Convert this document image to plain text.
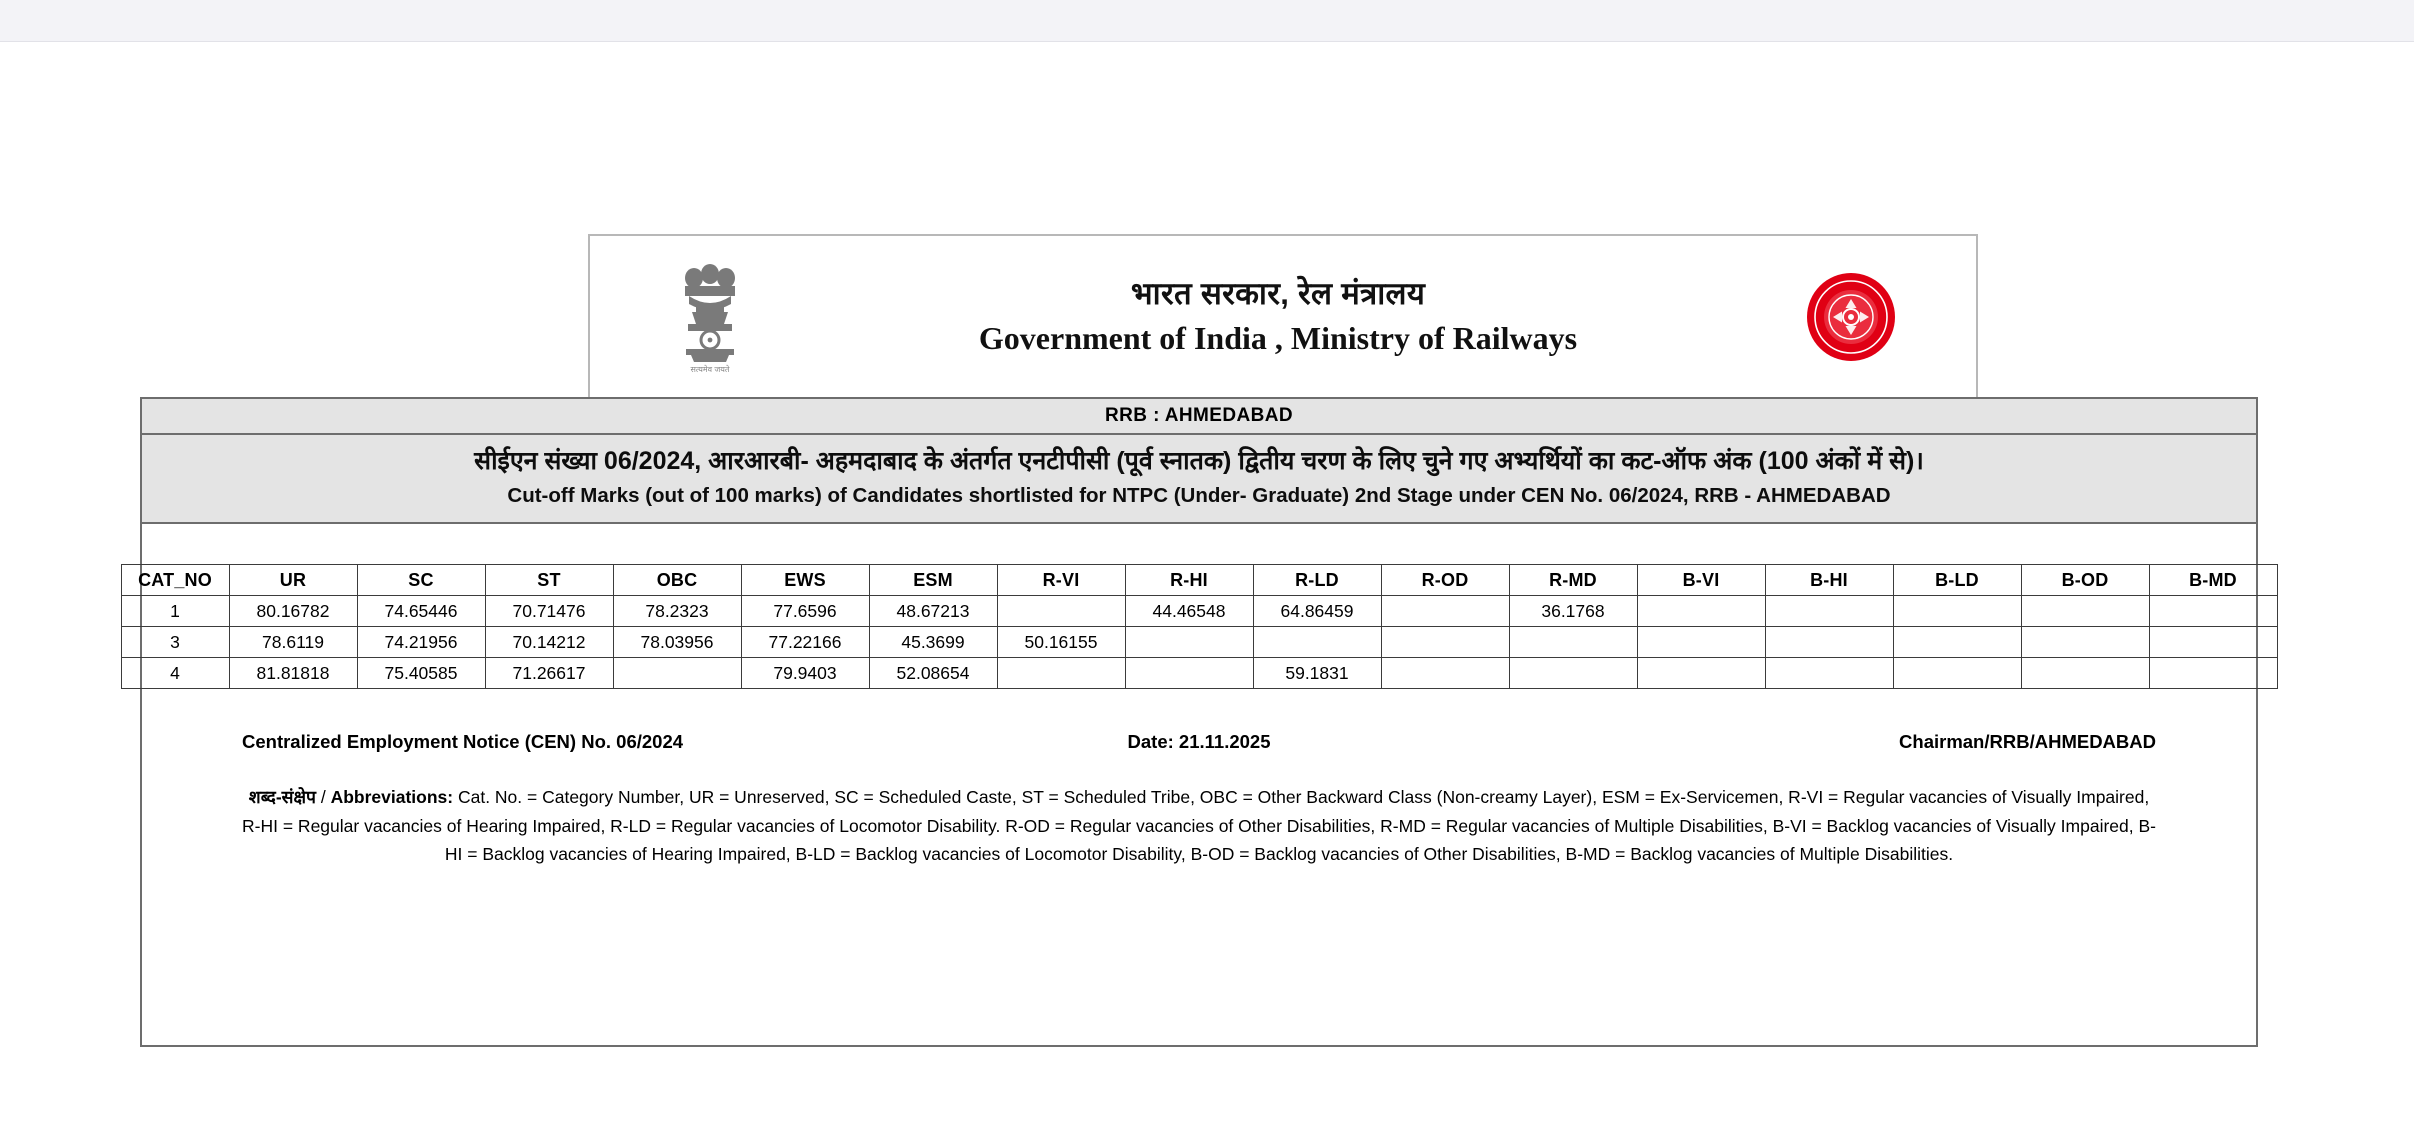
सत्यमेव जयते
भारत सरकार, रेल मंत्रालय
Government of India , Ministry of Railways
RRB : AHMEDABAD
सीईएन संख्या 06/2024, आरआरबी- अहमदाबाद के अंतर्गत एनटीपीसी (पूर्व स्नातक) द्वितीय चरण के लिए चुने गए अभ्यर्थियों का कट-ऑफ अंक (100 अंकों में से)।
Cut-off Marks (out of 100 marks) of Candidates shortlisted for NTPC (Under- Graduate) 2nd Stage under CEN No. 06/2024, RRB - AHMEDABAD
CAT_NO	UR	SC	ST	OBC	EWS	ESM	R-VI	R-HI	R-LD	R-OD	R-MD	B-VI	B-HI	B-LD	B-OD	B-MD
1	80.16782	74.65446	70.71476	78.2323	77.6596	48.67213		44.46548	64.86459		36.1768					
3	78.6119	74.21956	70.14212	78.03956	77.22166	45.3699	50.16155									
4	81.81818	75.40585	71.26617		79.9403	52.08654			59.1831							
Centralized Employment Notice (CEN) No. 06/2024	Date: 21.11.2025	Chairman/RRB/AHMEDABAD
शब्द-संक्षेप / Abbreviations: Cat. No. = Category Number, UR = Unreserved, SC = Scheduled Caste, ST = Scheduled Tribe, OBC = Other Backward Class (Non-creamy Layer), ESM = Ex-Servicemen, R-VI = Regular vacancies of Visually Impaired, R-HI = Regular vacancies of Hearing Impaired, R-LD = Regular vacancies of Locomotor Disability. R-OD = Regular vacancies of Other Disabilities, R-MD = Regular vacancies of Multiple Disabilities, B-VI = Backlog vacancies of Visually Impaired, B-HI = Backlog vacancies of Hearing Impaired, B-LD = Backlog vacancies of Locomotor Disability, B-OD = Backlog vacancies of Other Disabilities, B-MD = Backlog vacancies of Multiple Disabilities.
